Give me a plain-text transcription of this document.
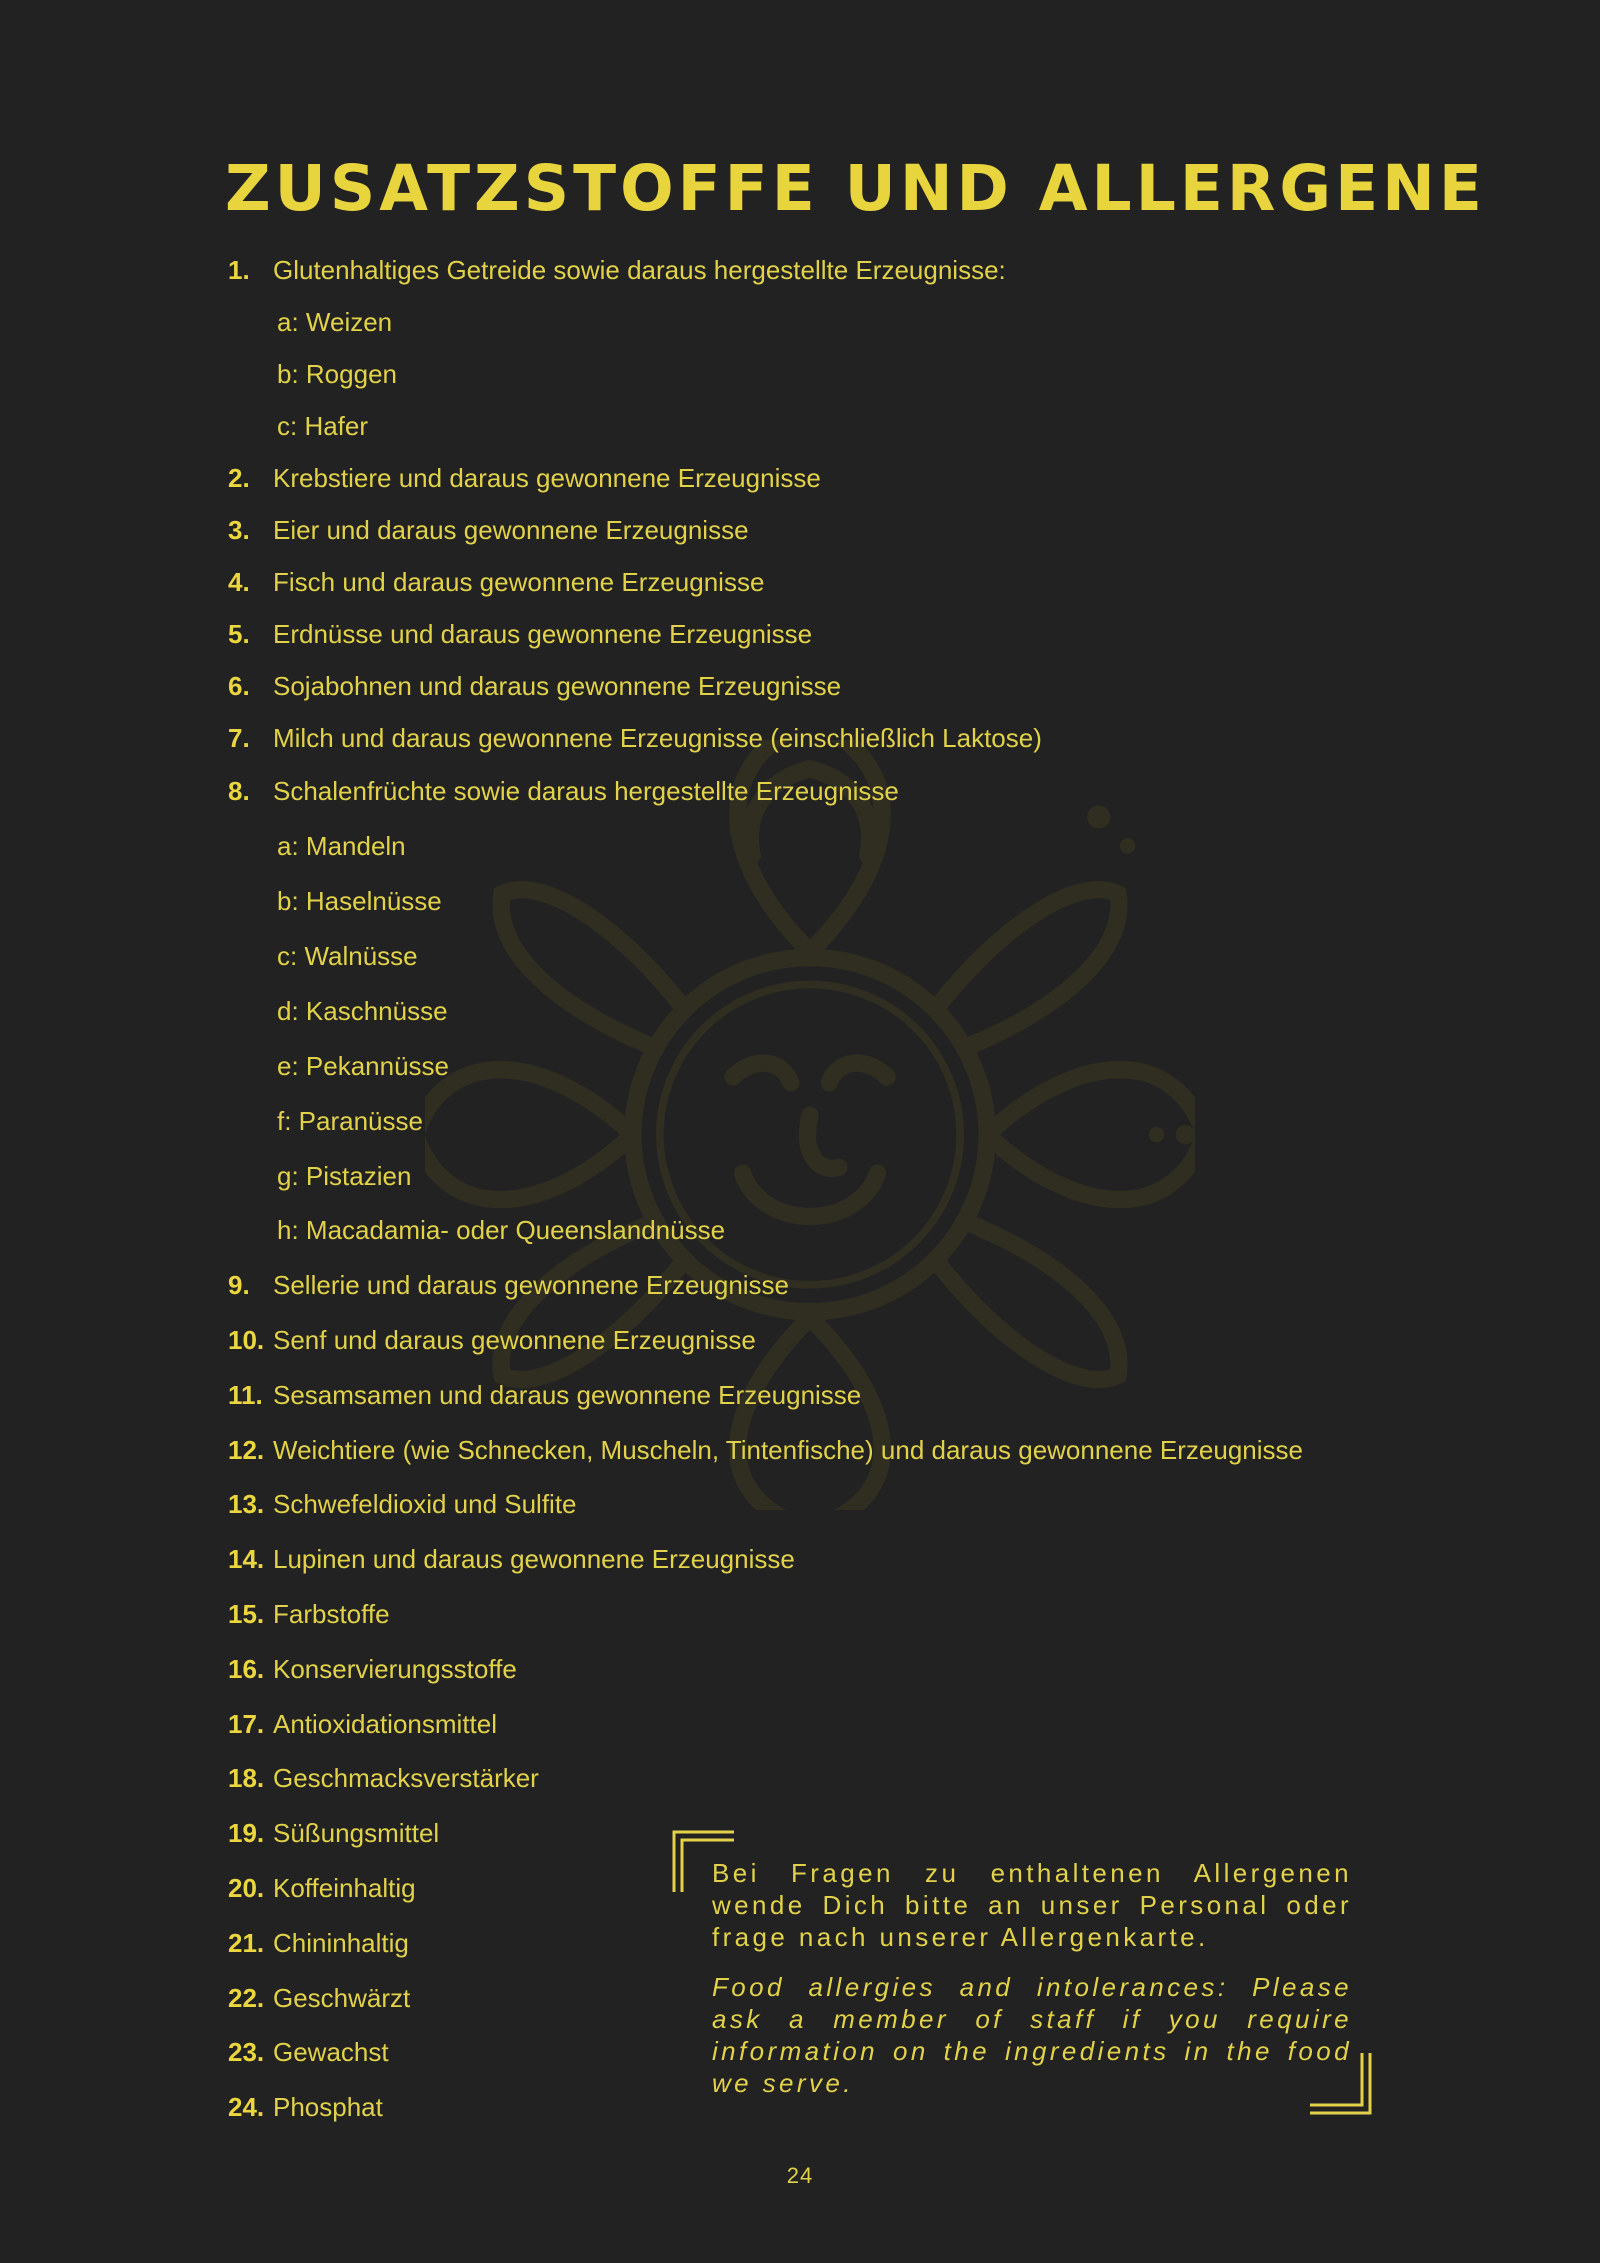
ZUSATZSTOFFE UND ALLERGENE
1. Glutenhaltiges Getreide sowie daraus hergestellte Erzeugnisse:
a: Weizen
b: Roggen
c: Hafer
2. Krebstiere und daraus gewonnene Erzeugnisse
3. Eier und daraus gewonnene Erzeugnisse
4. Fisch und daraus gewonnene Erzeugnisse
5. Erdnüsse und daraus gewonnene Erzeugnisse
6. Sojabohnen und daraus gewonnene Erzeugnisse
7. Milch und daraus gewonnene Erzeugnisse (einschließlich Laktose)
8. Schalenfrüchte sowie daraus hergestellte Erzeugnisse
a: Mandeln
b: Haselnüsse
c: Walnüsse
d: Kaschnüsse
e: Pekannüsse
f: Paranüsse
g: Pistazien
h: Macadamia- oder Queenslandnüsse
9. Sellerie und daraus gewonnene Erzeugnisse
10. Senf und daraus gewonnene Erzeugnisse
11. Sesamsamen und daraus gewonnene Erzeugnisse
12. Weichtiere (wie Schnecken, Muscheln, Tintenfische) und daraus gewonnene Erzeugnisse
13. Schwefeldioxid und Sulfite
14. Lupinen und daraus gewonnene Erzeugnisse
15. Farbstoffe
16. Konservierungsstoffe
17. Antioxidationsmittel
18. Geschmacksverstärker
19. Süßungsmittel
20. Koffeinhaltig
21. Chininhaltig
22. Geschwärzt
23. Gewachst
24. Phosphat
Bei Fragen zu enthaltenen Allergenen wende Dich bitte an unser Personal oder frage nach unserer Allergenkarte.
Food allergies and intolerances: Please ask a member of staff if you require information on the ingredients in the food we serve.
24
